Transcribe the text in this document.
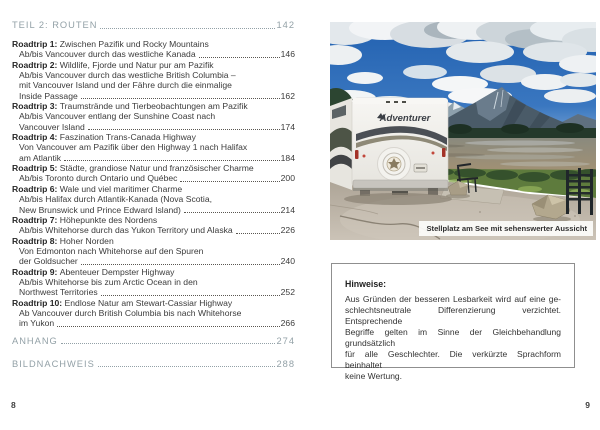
TEIL 2: ROUTEN	142
Roadtrip 1:
Zwischen Pazifik und Rocky Mountains
Ab/bis Vancouver durch das westliche Kanada	146
Roadtrip 2:
Wildlife, Fjorde und Natur pur am Pazifik
Ab/bis Vancouver durch das westliche British Columbia –
mit Vancouver Island und der Fähre durch die einmalige
Inside Passage	162
Roadtrip 3:
Traumstrände und Tierbeobachtungen am Pazifik
Ab/bis Vancouver entlang der Sunshine Coast nach
Vancouver Island	174
Roadtrip 4:
Faszination Trans-Canada Highway
Von Vancouver am Pazifik über den Highway 1 nach Halifax
am Atlantik	184
Roadtrip 5:
Städte, grandiose Natur und französischer Charme
Ab/bis Toronto durch Ontario und Québec	200
Roadtrip 6:
Wale und viel maritimer Charme
Ab/bis Halifax durch Atlantik-Kanada (Nova Scotia,
New Brunswick und Prince Edward Island)	214
Roadtrip 7:
Höhepunkte des Nordens
Ab/bis Whitehorse durch das Yukon Territory und Alaska	226
Roadtrip 8:
Hoher Norden
Von Edmonton nach Whitehorse auf den Spuren
der Goldsucher	240
Roadtrip 9:
Abenteuer Dempster Highway
Ab/bis Whitehorse bis zum Arctic Ocean in den
Northwest Territories	252
Roadtrip 10:
Endlose Natur am Stewart-Cassiar Highway
Ab Vancouver durch British Columbia bis nach Whitehorse
im Yukon	266
ANHANG	274
BILDNACHWEIS	288
8
Adventurer
Stellplatz am See mit sehenswerter Aussicht
Hinweise:
Aus Gründen der besseren Lesbarkeit wird auf eine ge-
schlechtsneutrale Differenzierung verzichtet. Entsprechende
Begriffe gelten im Sinne der Gleichbehandlung grundsätzlich
für alle Geschlechter. Die verkürzte Sprachform beinhaltet
keine Wertung.
9
